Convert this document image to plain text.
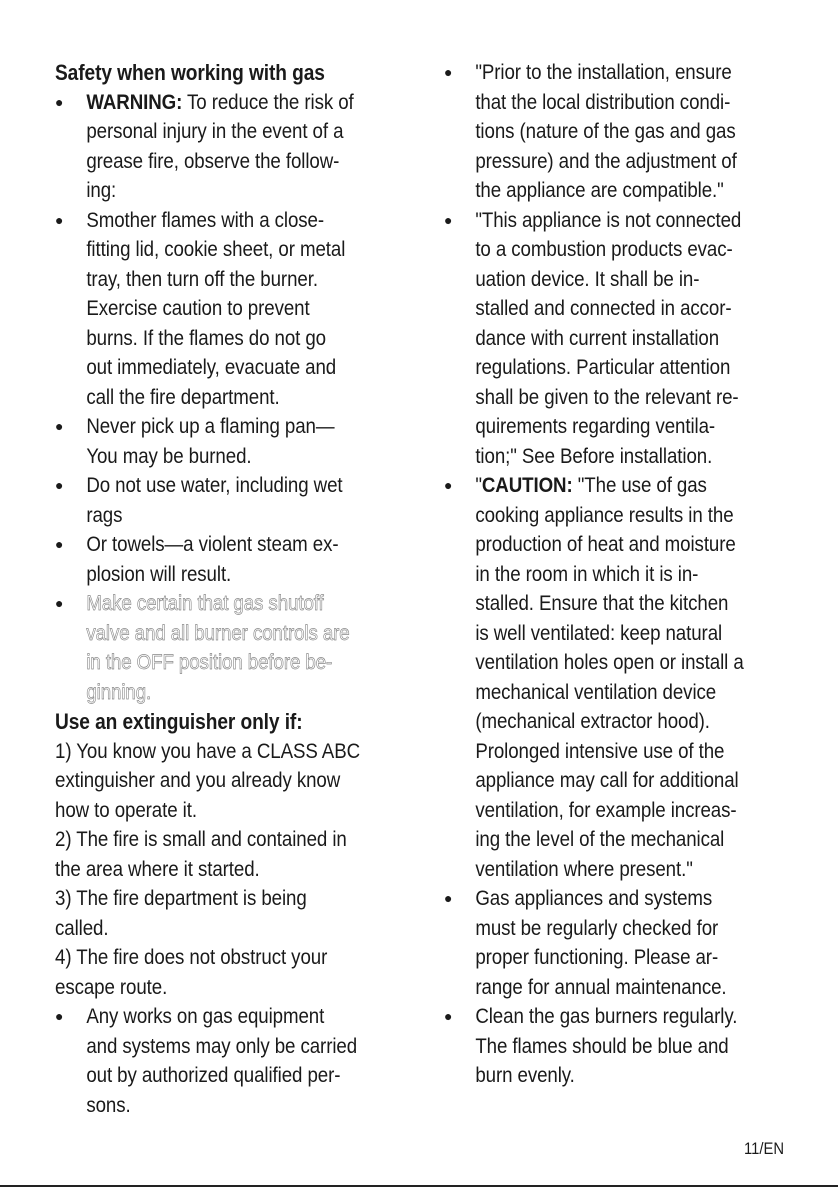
Safety when working with gas
●	WARNING: To reduce the risk of
personal injury in the event of a
grease fire, observe the follow-
ing:
●	Smother flames with a close-
fitting lid, cookie sheet, or metal
tray, then turn off the burner.
Exercise caution to prevent
burns. If the flames do not go
out immediately, evacuate and
call the fire department.
●	Never pick up a flaming pan—
You may be burned.
●	Do not use water, including wet
rags
●	Or towels—a violent steam ex-
plosion will result.
●	Make certain that gas shutoff
valve and all burner controls are
in the OFF position before be-
ginning.
Use an extinguisher only if:
1) You know you have a CLASS ABC
extinguisher and you already know
how to operate it.
2) The fire is small and contained in
the area where it started.
3) The fire department is being
called.
4) The fire does not obstruct your
escape route.
●	Any works on gas equipment
and systems may only be carried
out by authorized qualified per-
sons.
●	"Prior to the installation, ensure
that the local distribution condi-
tions (nature of the gas and gas
pressure) and the adjustment of
the appliance are compatible."
●	"This appliance is not connected
to a combustion products evac-
uation device. It shall be in-
stalled and connected in accor-
dance with current installation
regulations. Particular attention
shall be given to the relevant re-
quirements regarding ventila-
tion;" See Before installation.
●	"CAUTION: "The use of gas
cooking appliance results in the
production of heat and moisture
in the room in which it is in-
stalled. Ensure that the kitchen
is well ventilated: keep natural
ventilation holes open or install a
mechanical ventilation device
(mechanical extractor hood).
Prolonged intensive use of the
appliance may call for additional
ventilation, for example increas-
ing the level of the mechanical
ventilation where present."
●	Gas appliances and systems
must be regularly checked for
proper functioning. Please ar-
range for annual maintenance.
●	Clean the gas burners regularly.
The flames should be blue and
burn evenly.
11/EN
